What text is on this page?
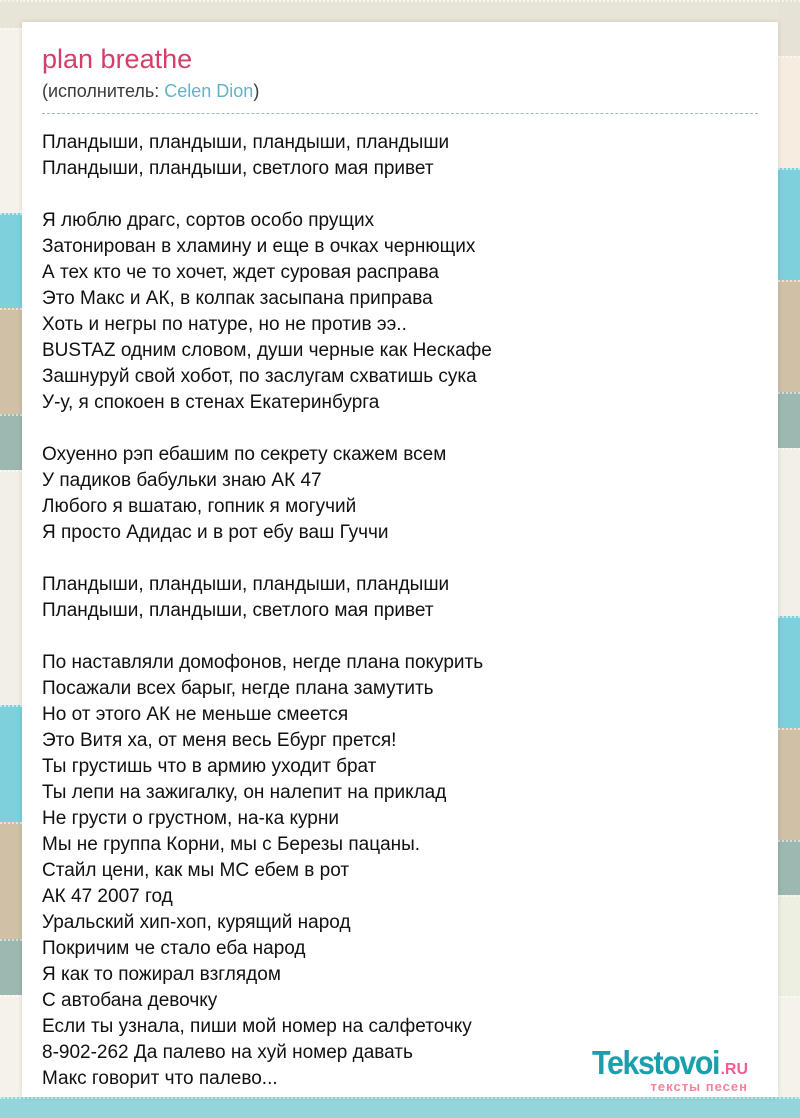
plan breathe

(исполнитель: Celen Dion)

Пландыши, пландыши, пландыши, пландыши
Пландыши, пландыши, светлого мая привет

Я люблю драгс, сортов особо прущих
Затонирован в хламину и еще в очках чернющих
А тех кто че то хочет, ждет суровая расправа
Это Макс и АК, в колпак засыпана приправа
Хоть и негры по натуре, но не против ээ..
BUSTAZ одним словом, души черные как Нескафе
Зашнуруй свой хобот, по заслугам схватишь сука
У-у, я спокоен в стенах Екатеринбурга

Охуенно рэп ебашим по секрету скажем всем
У падиков бабульки знаю АК 47
Любого я вшатаю, гопник я могучий
Я просто Адидас и в рот ебу ваш Гуччи

Пландыши, пландыши, пландыши, пландыши
Пландыши, пландыши, светлого мая привет

По наставляли домофонов, негде плана покурить
Посажали всех барыг, негде плана замутить
Но от этого АК не меньше смеется
Это Витя ха, от меня весь Ебург прется!
Ты грустишь что в армию уходит брат
Ты лепи на зажигалку, он налепит на приклад
Не грусти о грустном, на-ка курни
Мы не группа Корни, мы с Березы пацаны.
Стайл цени, как мы МС ебем в рот
АК 47 2007 год
Уральский хип-хоп, курящий народ
Покричим че стало еба народ
Я как то пожирал взглядом
С автобана девочку
Если ты узнала, пиши мой номер на салфеточку
8-902-262 Да палево на хуй номер давать
Макс говорит что палево...	Tekstovoi.RU
тексты песен
